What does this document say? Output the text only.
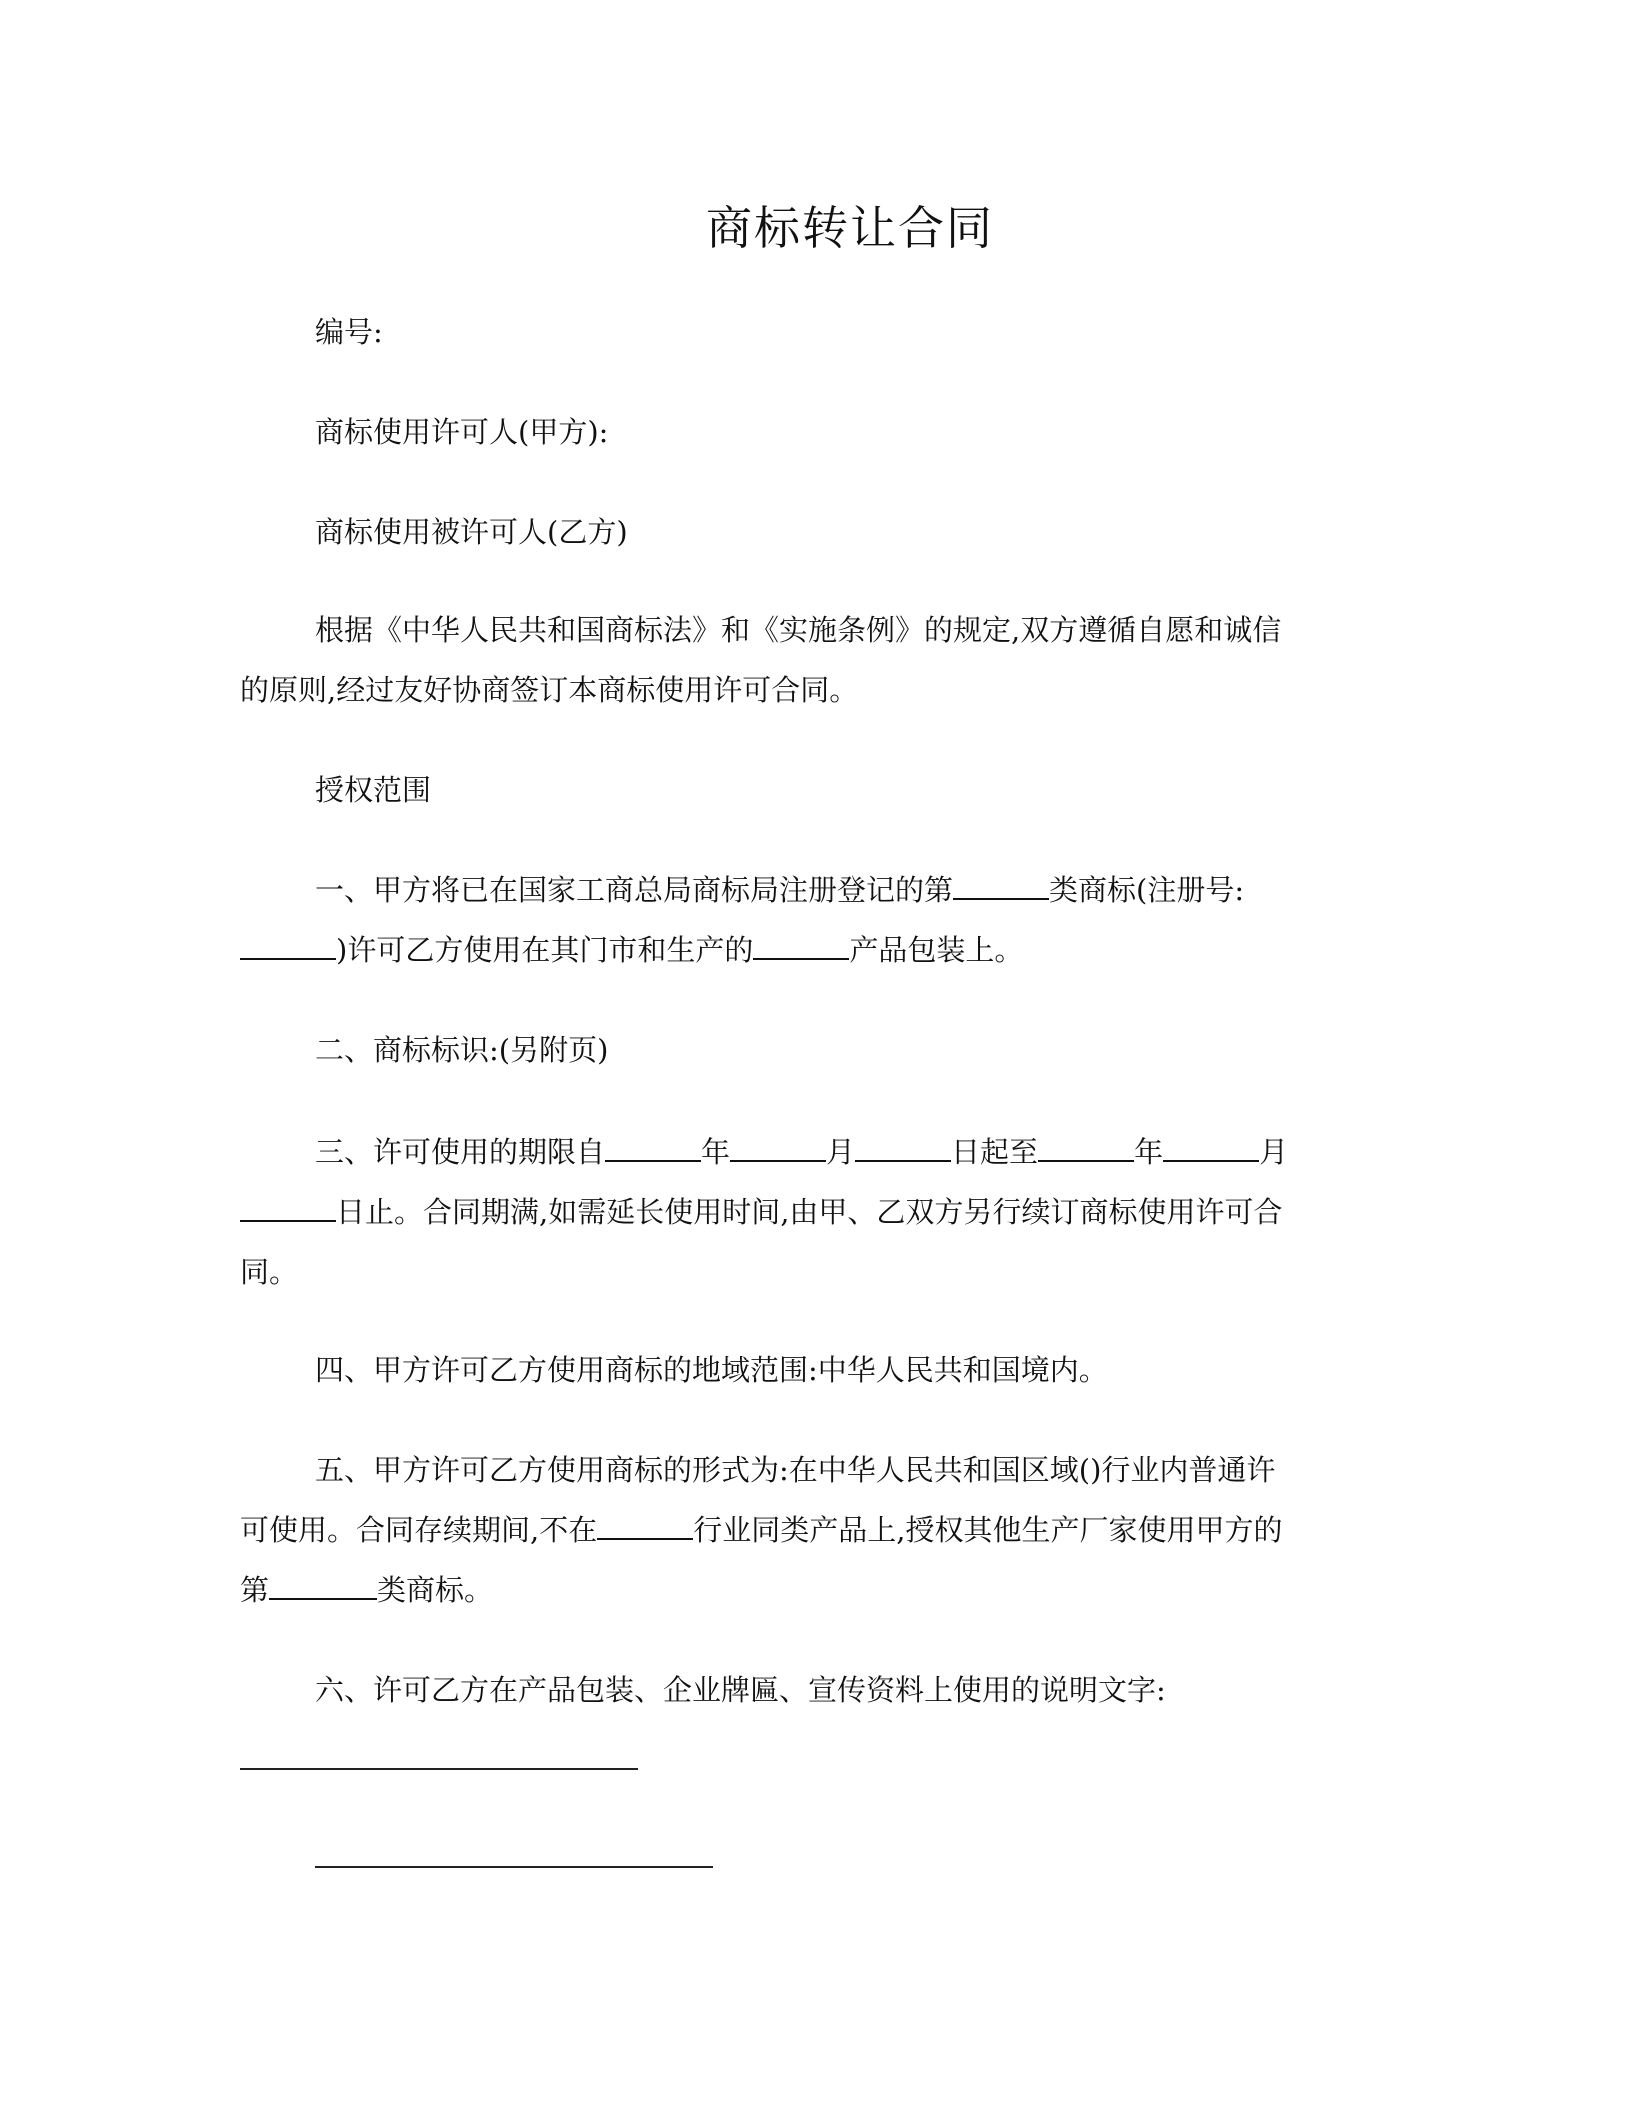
商标转让合同
编号:
商标使用许可人(甲方):
商标使用被许可人(乙方)
根据《中华人民共和国商标法》和《实施条例》的规定,双方遵循自愿和诚信
的原则,经过友好协商签订本商标使用许可合同。
授权范围
一、甲方将已在国家工商总局商标局注册登记的第	类商标(注册号:
)许可乙方使用在其门市和生产的	产品包装上。
二、商标标识:(另附页)
三、许可使用的期限自	年	月	日起至	年	月
日止。合同期满,如需延长使用时间,由甲、乙双方另行续订商标使用许可合
同。
四、甲方许可乙方使用商标的地域范围:中华人民共和国境内。
五、甲方许可乙方使用商标的形式为:在中华人民共和国区域()行业内普通许
可使用。合同存续期间,不在	行业同类产品上,授权其他生产厂家使用甲方的
第	类商标。
六、许可乙方在产品包装、企业牌匾、宣传资料上使用的说明文字:
